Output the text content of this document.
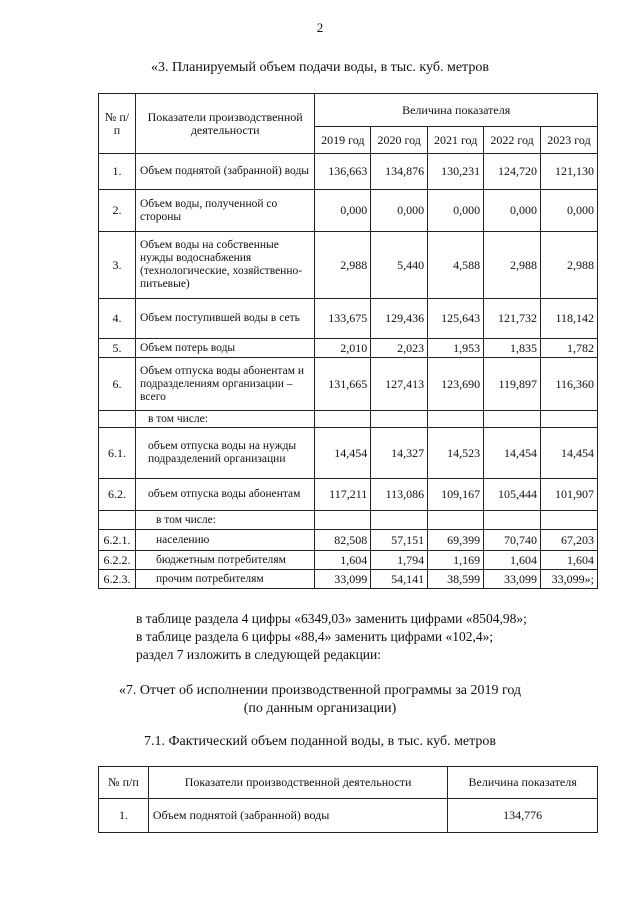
2
«3. Планируемый объем подачи воды, в тыс. куб. метров
№ п/п	Показатели производственной деятельности	Величина показателя				
		2019 год	2020 год	2021 год	2022 год	2023 год
1.	Объем поднятой (забранной) воды	136,663	134,876	130,231	124,720	121,130
2.	Объем воды, полученной со стороны	0,000	0,000	0,000	0,000	0,000
3.	Объем воды на собственные нужды водоснабжения (технологические, хозяйственно-питьевые)	2,988	5,440	4,588	2,988	2,988
4.	Объем поступившей воды в сеть	133,675	129,436	125,643	121,732	118,142
5.	Объем потерь воды	2,010	2,023	1,953	1,835	1,782
6.	Объем отпуска воды абонентам и подразделениям организации – всего	131,665	127,413	123,690	119,897	116,360
	в том числе:					
6.1.	объем отпуска воды на нужды подразделений организации	14,454	14,327	14,523	14,454	14,454
6.2.	объем отпуска воды абонентам	117,211	113,086	109,167	105,444	101,907
	в том числе:					
6.2.1.	населению	82,508	57,151	69,399	70,740	67,203
6.2.2.	бюджетным потребителям	1,604	1,794	1,169	1,604	1,604
6.2.3.	прочим потребителям	33,099	54,141	38,599	33,099	33,099»;
в таблице раздела 4 цифры «6349,03» заменить цифрами «8504,98»;
в таблице раздела 6 цифры «88,4» заменить цифрами «102,4»;
раздел 7 изложить в следующей редакции:
«7. Отчет об исполнении производственной программы за 2019 год
(по данным организации)
7.1. Фактический объем поданной воды, в тыс. куб. метров
№ п/п	Показатели производственной деятельности	Величина показателя
1.	Объем поднятой (забранной) воды	134,776
